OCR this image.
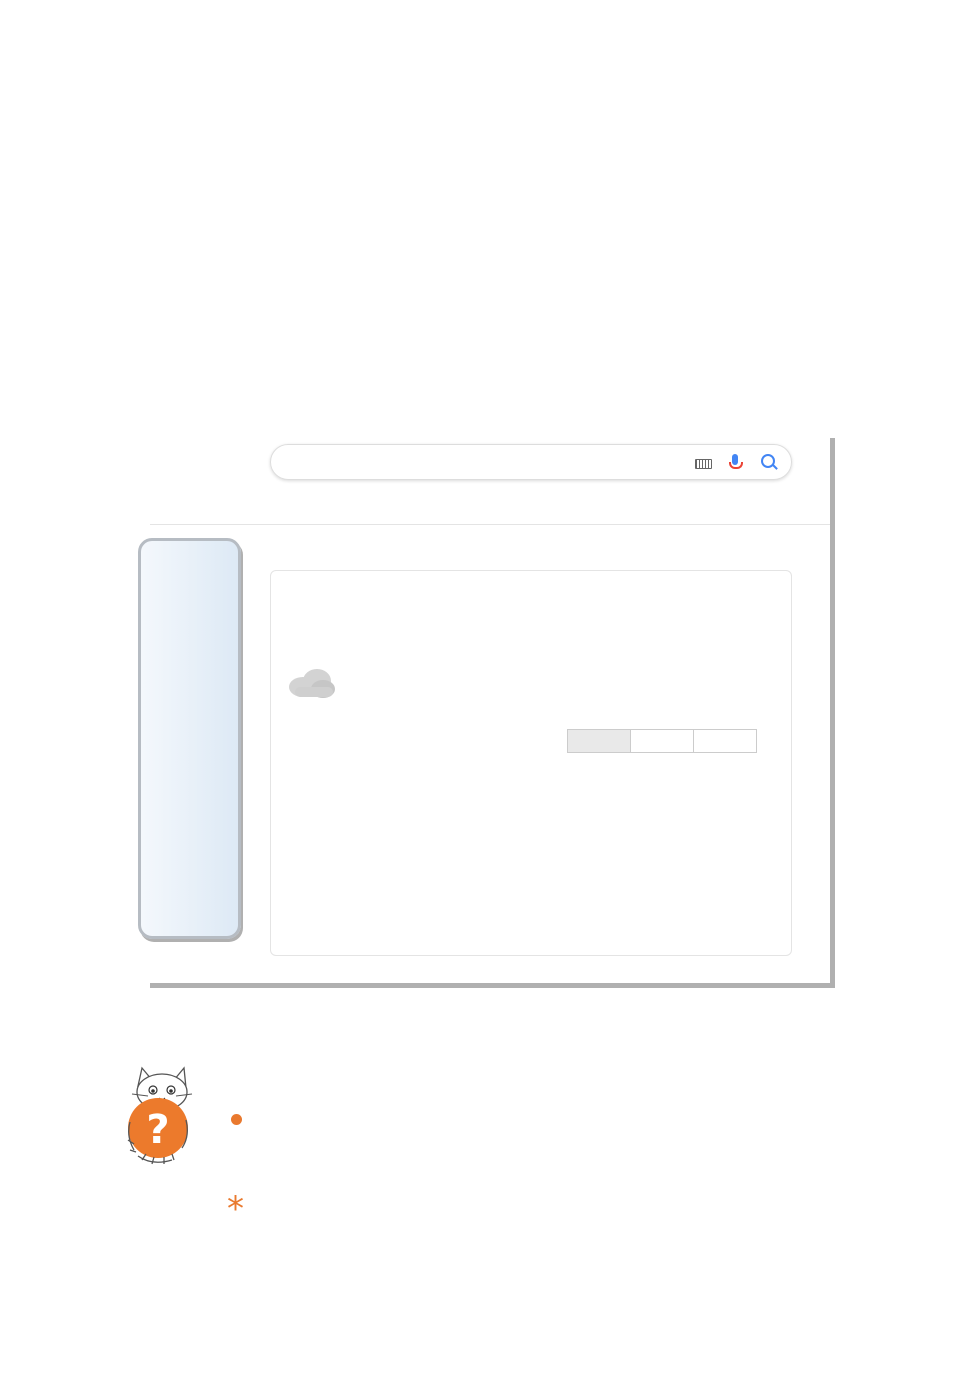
?
*
